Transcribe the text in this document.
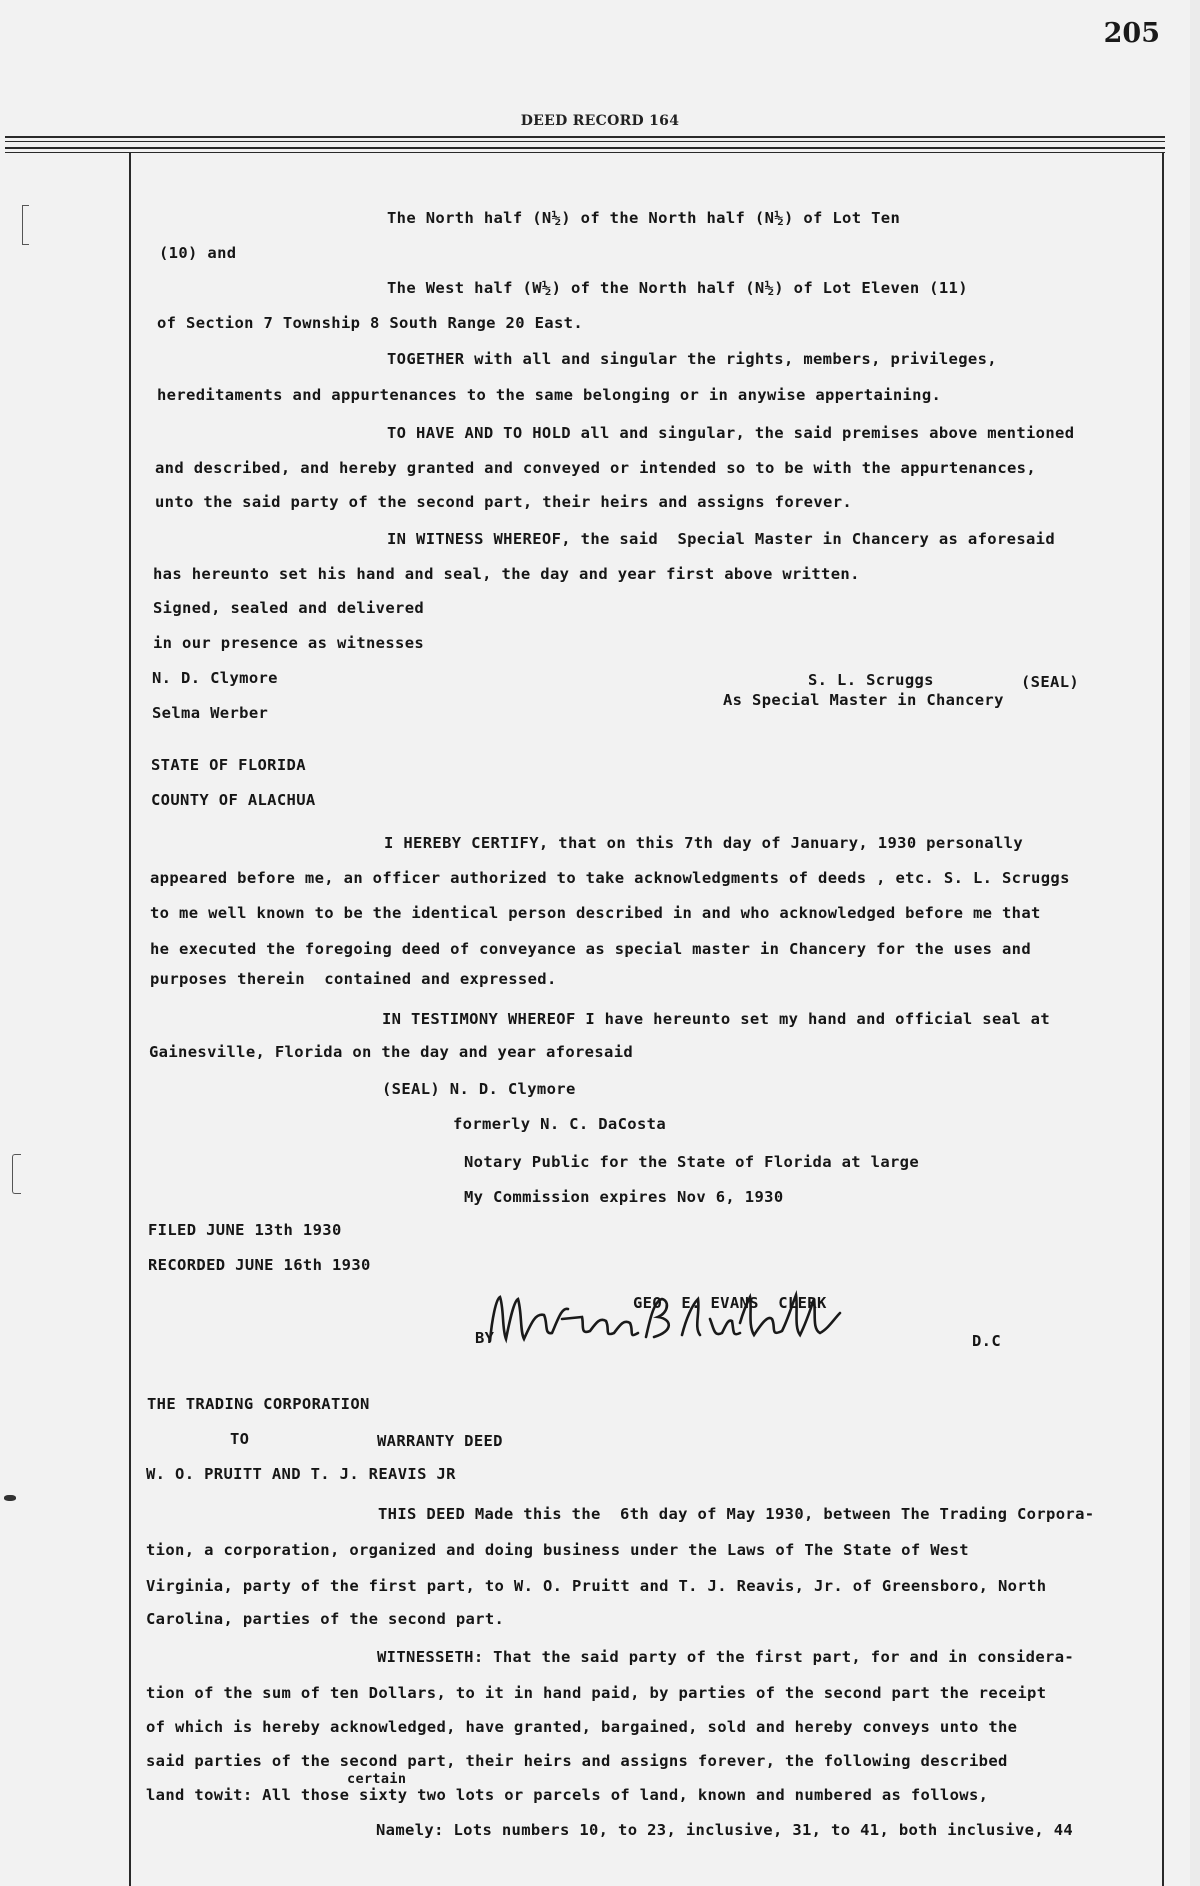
205
DEED RECORD 164
The North half (N½) of the North half (N½) of Lot Ten
(10) and
The West half (W½) of the North half (N½) of Lot Eleven (11)
of Section 7 Township 8 South Range 20 East.
TOGETHER with all and singular the rights, members, privileges,
hereditaments and appurtenances to the same belonging or in anywise appertaining.
TO HAVE AND TO HOLD all and singular, the said premises above mentioned
and described, and hereby granted and conveyed or intended so to be with the appurtenances,
unto the said party of the second part, their heirs and assigns forever.
IN WITNESS WHEREOF, the said  Special Master in Chancery as aforesaid
has hereunto set his hand and seal, the day and year first above written.
Signed, sealed and delivered
in our presence as witnesses
N. D. Clymore
Selma Werber
S. L. Scruggs	(SEAL)
As Special Master in Chancery
STATE OF FLORIDA
COUNTY OF ALACHUA
I HEREBY CERTIFY, that on this 7th day of January, 1930 personally
appeared before me, an officer authorized to take acknowledgments of deeds , etc. S. L. Scruggs
to me well known to be the identical person described in and who acknowledged before me that
he executed the foregoing deed of conveyance as special master in Chancery for the uses and
purposes therein  contained and expressed.
IN TESTIMONY WHEREOF I have hereunto set my hand and official seal at
Gainesville, Florida on the day and year aforesaid
(SEAL) N. D. Clymore
formerly N. C. DaCosta
Notary Public for the State of Florida at large
My Commission expires Nov 6, 1930
FILED JUNE 13th 1930
RECORDED JUNE 16th 1930
BY	D.C
GEO. E. EVANS  CLERK
THE TRADING CORPORATION
TO	WARRANTY DEED
W. O. PRUITT AND T. J. REAVIS JR
THIS DEED Made this the  6th day of May 1930, between The Trading Corpora-
tion, a corporation, organized and doing business under the Laws of The State of West
Virginia, party of the first part, to W. O. Pruitt and T. J. Reavis, Jr. of Greensboro, North
Carolina, parties of the second part.
WITNESSETH: That the said party of the first part, for and in considera-
tion of the sum of ten Dollars, to it in hand paid, by parties of the second part the receipt
of which is hereby acknowledged, have granted, bargained, sold and hereby conveys unto the
said parties of the second part, their heirs and assigns forever, the following described
certain
land towit: All those sixty two lots or parcels of land, known and numbered as follows,
Namely: Lots numbers 10, to 23, inclusive, 31, to 41, both inclusive, 44
